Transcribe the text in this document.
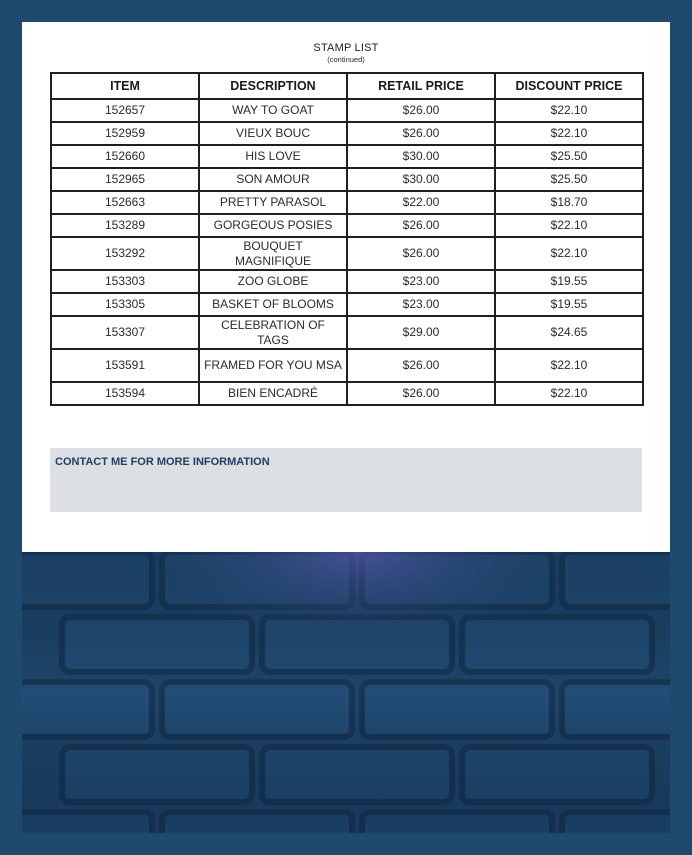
STAMP LIST
(continued)
ITEM	DESCRIPTION	RETAIL PRICE	DISCOUNT PRICE
152657	WAY TO GOAT	$26.00	$22.10
152959	VIEUX BOUC	$26.00	$22.10
152660	HIS LOVE	$30.00	$25.50
152965	SON AMOUR	$30.00	$25.50
152663	PRETTY PARASOL	$22.00	$18.70
153289	GORGEOUS POSIES	$26.00	$22.10
153292	BOUQUET MAGNIFIQUE	$26.00	$22.10
153303	ZOO GLOBE	$23.00	$19.55
153305	BASKET OF BLOOMS	$23.00	$19.55
153307	CELEBRATION OF TAGS	$29.00	$24.65
153591	FRAMED FOR YOU MSA	$26.00	$22.10
153594	BIEN ENCADRÉ	$26.00	$22.10
CONTACT ME FOR MORE INFORMATION
